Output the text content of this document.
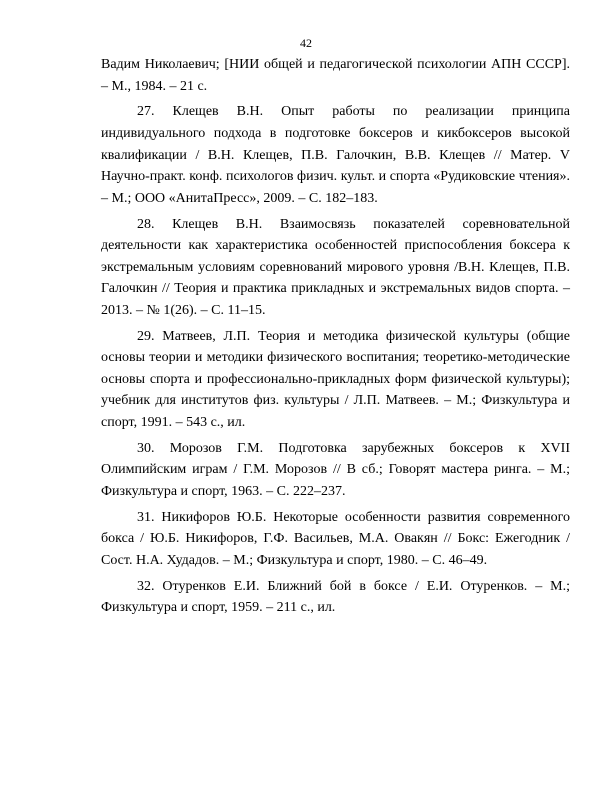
42

Вадим Николаевич; [НИИ общей и педагогической психологии АПН СССР]. – М., 1984. – 21 с.

27. Клещев В.Н. Опыт работы по реализации принципа индивидуального подхода в подготовке боксеров и кикбоксеров высокой квалификации / В.Н. Клещев, П.В. Галочкин, В.В. Клещев // Матер. V Научно-практ. конф. психологов физич. культ. и спорта «Рудиковские чтения». – М.; ООО «АнитаПресс», 2009. – С. 182–183.

28. Клещев В.Н. Взаимосвязь показателей соревновательной деятельности как характеристика особенностей приспособления боксера к экстремальным условиям соревнований мирового уровня /В.Н. Клещев, П.В. Галочкин // Теория и практика прикладных и экстремальных видов спорта. – 2013. – № 1(26). – С. 11–15.

29. Матвеев, Л.П. Теория и методика физической культуры (общие основы теории и методики физического воспитания; теоретико-методические основы спорта и профессионально-прикладных форм физической культуры); учебник для институтов физ. культуры / Л.П. Матвеев. – М.; Физкультура и спорт, 1991. – 543 с., ил.

30. Морозов Г.М. Подготовка зарубежных боксеров к XVII Олимпийским играм / Г.М. Морозов // В сб.; Говорят мастера ринга. – М.; Физкультура и спорт, 1963. – С. 222–237.

31. Никифоров Ю.Б. Некоторые особенности развития современного бокса / Ю.Б. Никифоров, Г.Ф. Васильев, М.А. Овакян // Бокс: Ежегодник / Сост. Н.А. Худадов. – М.; Физкультура и спорт, 1980. – С. 46–49.

32. Отуренков Е.И. Ближний бой в боксе / Е.И. Отуренков. – М.; Физкультура и спорт, 1959. – 211 с., ил.
